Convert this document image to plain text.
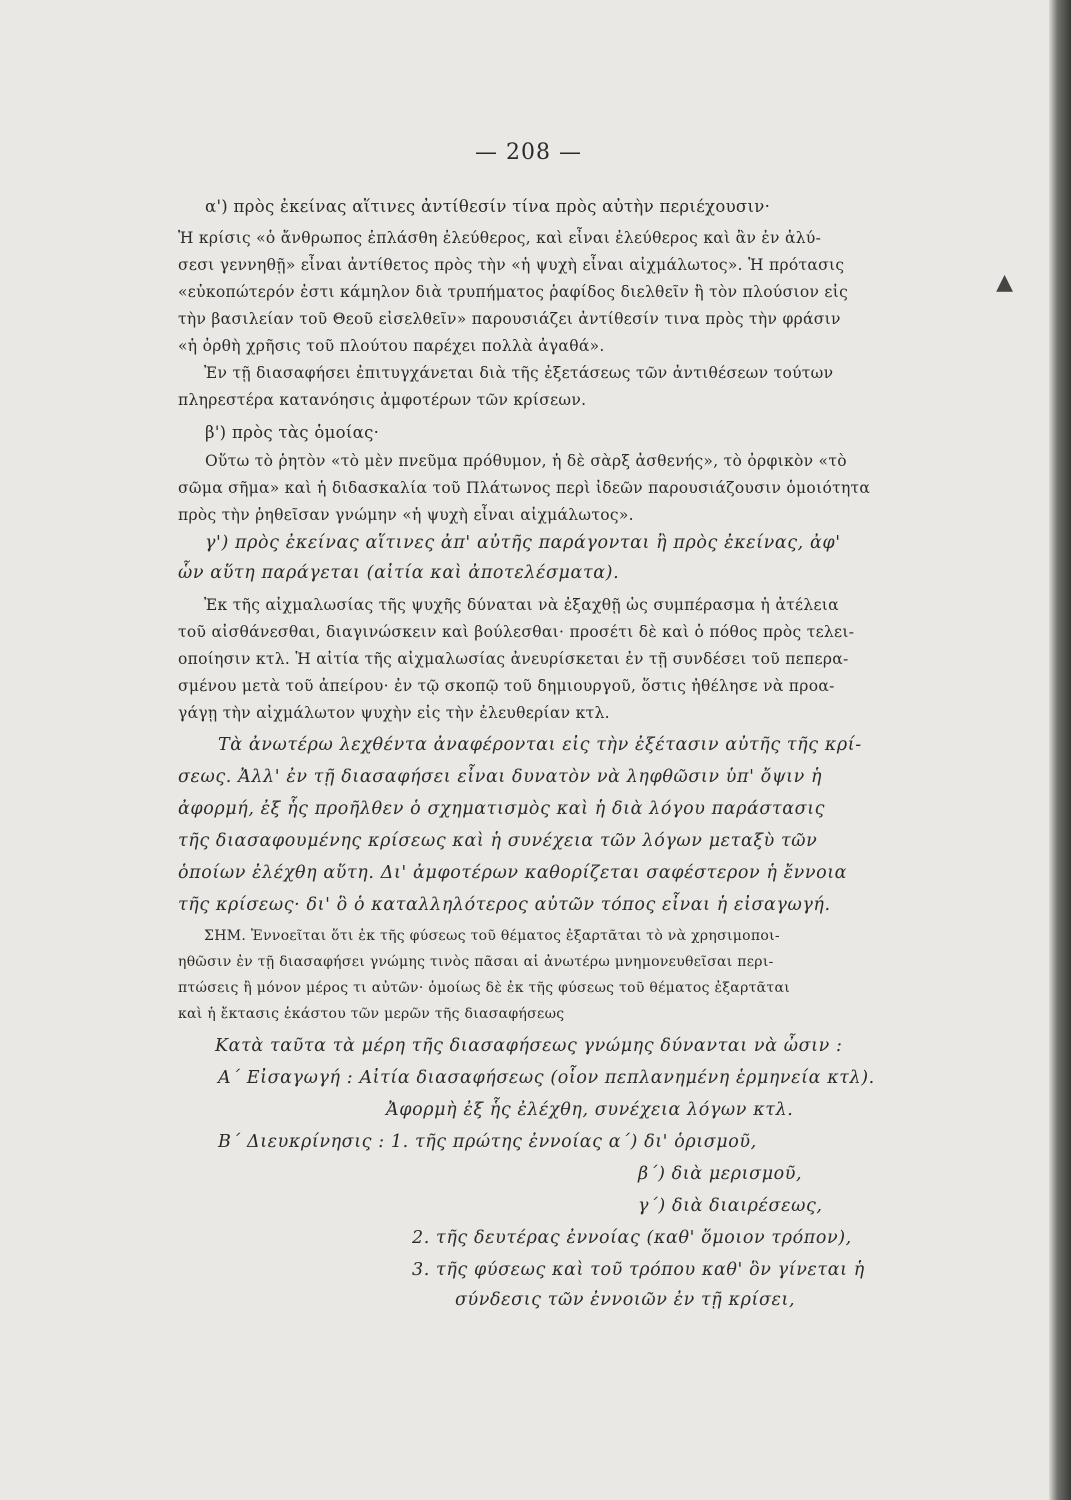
▲
— 208 —
α') πρὸς ἐκείνας αἵτινες ἀντίθεσίν τίνα πρὸς αὐτὴν περιέχουσιν·
Ἡ κρίσις «ὁ ἄνθρωπος ἐπλάσθη ἐλεύθερος, καὶ εἶναι ἐλεύθερος καὶ ἂν ἐν ἁλύ-
σεσι γεννηθῇ» εἶναι ἀντίθετος πρὸς τὴν «ἡ ψυχὴ εἶναι αἰχμάλωτος». Ἡ πρότασις
«εὐκοπώτερόν ἐστι κάμηλον διὰ τρυπήματος ῥαφίδος διελθεῖν ἢ τὸν πλούσιον εἰς
τὴν βασιλείαν τοῦ Θεοῦ εἰσελθεῖν» παρουσιάζει ἀντίθεσίν τινα πρὸς τὴν φράσιν
«ἡ ὀρθὴ χρῆσις τοῦ πλούτου παρέχει πολλὰ ἀγαθά».
Ἐν τῇ διασαφήσει ἐπιτυγχάνεται διὰ τῆς ἐξετάσεως τῶν ἀντιθέσεων τούτων
πληρεστέρα κατανόησις ἀμφοτέρων τῶν κρίσεων.
β') πρὸς τὰς ὁμοίας·
Οὕτω τὸ ῥητὸν «τὸ μὲν πνεῦμα πρόθυμον, ἡ δὲ σὰρξ ἀσθενής», τὸ ὀρφικὸν «τὸ
σῶμα σῆμα» καὶ ἡ διδασκαλία τοῦ Πλάτωνος περὶ ἰδεῶν παρουσιάζουσιν ὁμοιότητα
πρὸς τὴν ῥηθεῖσαν γνώμην «ἡ ψυχὴ εἶναι αἰχμάλωτος».
γ') πρὸς ἐκείνας αἵτινες ἀπ' αὐτῆς παράγονται ἢ πρὸς ἐκείνας, ἀφ'
ὧν αὕτη παράγεται (αἰτία καὶ ἀποτελέσματα).
Ἐκ τῆς αἰχμαλωσίας τῆς ψυχῆς δύναται νὰ ἐξαχθῇ ὡς συμπέρασμα ἡ ἀτέλεια
τοῦ αἰσθάνεσθαι, διαγινώσκειν καὶ βούλεσθαι· προσέτι δὲ καὶ ὁ πόθος πρὸς τελει-
οποίησιν κτλ. Ἡ αἰτία τῆς αἰχμαλωσίας ἀνευρίσκεται ἐν τῇ συνδέσει τοῦ πεπερα-
σμένου μετὰ τοῦ ἀπείρου· ἐν τῷ σκοπῷ τοῦ δημιουργοῦ, ὅστις ἠθέλησε νὰ προα-
γάγῃ τὴν αἰχμάλωτον ψυχὴν εἰς τὴν ἐλευθερίαν κτλ.
Τὰ ἀνωτέρω λεχθέντα ἀναφέρονται εἰς τὴν ἐξέτασιν αὐτῆς τῆς κρί-
σεως. Ἀλλ' ἐν τῇ διασαφήσει εἶναι δυνατὸν νὰ ληφθῶσιν ὑπ' ὄψιν ἡ
ἀφορμή, ἐξ ἧς προῆλθεν ὁ σχηματισμὸς καὶ ἡ διὰ λόγου παράστασις
τῆς διασαφουμένης κρίσεως καὶ ἡ συνέχεια τῶν λόγων μεταξὺ τῶν
ὁποίων ἐλέχθη αὕτη. Δι' ἀμφοτέρων καθορίζεται σαφέστερον ἡ ἔννοια
τῆς κρίσεως· δι' ὃ ὁ καταλληλότερος αὐτῶν τόπος εἶναι ἡ εἰσαγωγή.
ΣΗΜ. Ἐννοεῖται ὅτι ἐκ τῆς φύσεως τοῦ θέματος ἐξαρτᾶται τὸ νὰ χρησιμοποι-
ηθῶσιν ἐν τῇ διασαφήσει γνώμης τινὸς πᾶσαι αἱ ἀνωτέρω μνημονευθεῖσαι περι-
πτώσεις ἢ μόνον μέρος τι αὐτῶν· ὁμοίως δὲ ἐκ τῆς φύσεως τοῦ θέματος ἐξαρτᾶται
καὶ ἡ ἔκτασις ἑκάστου τῶν μερῶν τῆς διασαφήσεως
Κατὰ ταῦτα τὰ μέρη τῆς διασαφήσεως γνώμης δύνανται νὰ ὦσιν :
Α΄ Εἰσαγωγή : Αἰτία διασαφήσεως (οἷον πεπλανημένη ἑρμηνεία κτλ).
Ἀφορμὴ ἐξ ἧς ἐλέχθη, συνέχεια λόγων κτλ.
Β΄ Διευκρίνησις : 1. τῆς πρώτης ἐννοίας α΄) δι' ὁρισμοῦ,
β΄) διὰ μερισμοῦ,
γ΄) διὰ διαιρέσεως,
2. τῆς δευτέρας ἐννοίας (καθ' ὅμοιον τρόπον),
3. τῆς φύσεως καὶ τοῦ τρόπου καθ' ὃν γίνεται ἡ
σύνδεσις τῶν ἐννοιῶν ἐν τῇ κρίσει,
